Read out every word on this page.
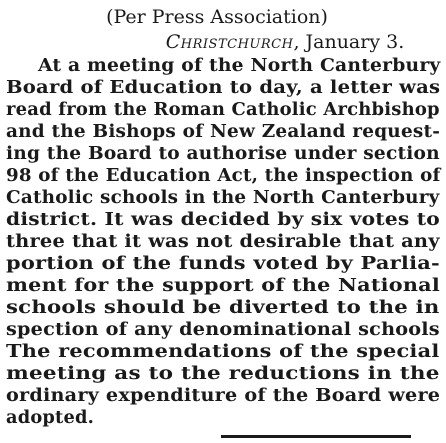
(Per Press Association)
Christchurch, January 3.
At a meeting of the North Canterbury
Board of Education to day, a letter was
read from the Roman Catholic Archbishop
and the Bishops of New Zealand request-
ing the Board to authorise under section
98 of the Education Act, the inspection of
Catholic schools in the North Canterbury
district. It was decided by six votes to
three that it was not desirable that any
portion of the funds voted by Parlia-
ment for the support of the National
schools should be diverted to the in
spection of any denominational schools
The recommendations of the special
meeting as to the reductions in the
ordinary expenditure of the Board were
adopted.
